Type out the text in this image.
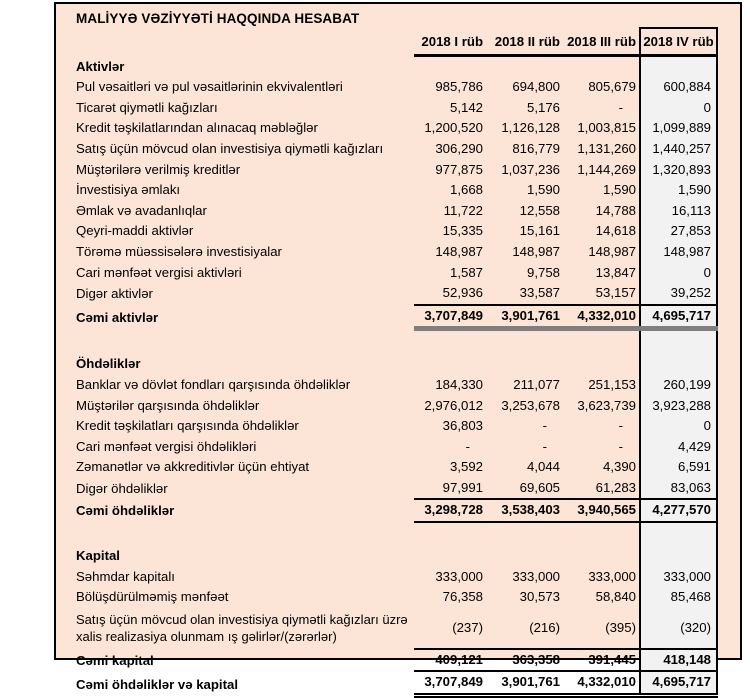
MALİYYƏ VƏZİYYƏTİ HAQQINDA HESABAT
	2018 I rüb	2018 II rüb	2018 III rüb	2018 IV rüb
Aktivlər				
Pul vəsaitləri və pul vəsaitlərinin ekvivalentləri	985,786	694,800	805,679	600,884
Ticarət qiymətli kağızları	5,142	5,176	-	0
Kredit təşkilatlarından alınacaq məbləğlər	1,200,520	1,126,128	1,003,815	1,099,889
Satış üçün mövcud olan investisiya qiymətli kağızları	306,290	816,779	1,131,260	1,440,257
Müştərilərə verilmiş kreditlər	977,875	1,037,236	1,144,269	1,320,893
İnvestisiya əmlakı	1,668	1,590	1,590	1,590
Əmlak və avadanlıqlar	11,722	12,558	14,788	16,113
Qeyri-maddi aktivlər	15,335	15,161	14,618	27,853
Törəmə müəssisələrə investisiyalar	148,987	148,987	148,987	148,987
Cari mənfəət vergisi aktivləri	1,587	9,758	13,847	0
Digər aktivlər	52,936	33,587	53,157	39,252
Cəmi aktivlər	3,707,849	3,901,761	4,332,010	4,695,717

Öhdəliklər				
Banklar və dövlət fondları qarşısında öhdəliklər	184,330	211,077	251,153	260,199
Müştərilər qarşısında öhdəliklər	2,976,012	3,253,678	3,623,739	3,923,288
Kredit təşkilatları qarşısında öhdəliklər	36,803	-	-	0
Cari mənfəət vergisi öhdəlikləri	-	-	-	4,429
Zəmanətlər və akkreditivlər üçün ehtiyat	3,592	4,044	4,390	6,591
Digər öhdəliklər	97,991	69,605	61,283	83,063
Cəmi öhdəliklər	3,298,728	3,538,403	3,940,565	4,277,570

Kapital				
Səhmdar kapitalı	333,000	333,000	333,000	333,000
Bölüşdürülməmiş mənfəət	76,358	30,573	58,840	85,468
Satış üçün mövcud olan investisiya qiymətli kağızları üzrə xalis realizasiya olunmam ış gəlirlər/(zərərlər)	(237)	(216)	(395)	(320)
Cəmi kapital	409,121	363,358	391,445	418,148
Cəmi öhdəliklər və kapital	3,707,849	3,901,761	4,332,010	4,695,717
